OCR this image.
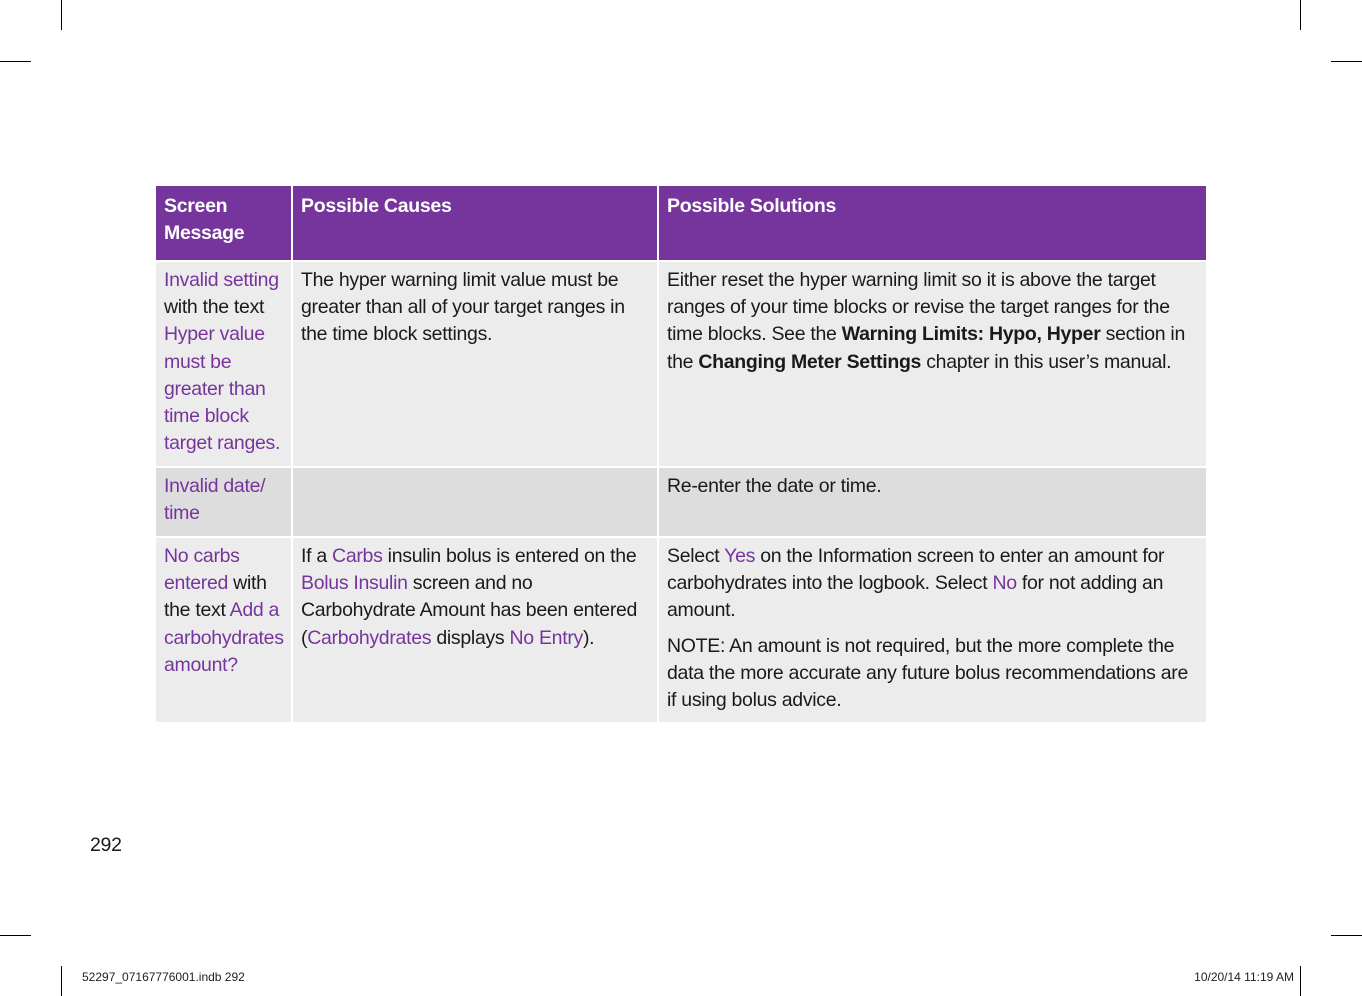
Screen Message	Possible Causes	Possible Solutions

Invalid setting with the text Hyper value must be greater than time block target ranges.	The hyper warning limit value must be greater than all of your target ranges in the time block settings.	Either reset the hyper warning limit so it is above the target ranges of your time blocks or revise the target ranges for the time blocks. See the Warning Limits: Hypo, Hyper section in the Changing Meter Settings chapter in this user’s manual.

Invalid date/ time		Re-enter the date or time.

No carbs entered with the text Add a carbohydrates amount?	If a Carbs insulin bolus is entered on the Bolus Insulin screen and no Carbohydrate Amount has been entered (Carbohydrates displays No Entry).	Select Yes on the Information screen to enter an amount for carbohydrates into the logbook. Select No for not adding an amount.
NOTE: An amount is not required, but the more complete the data the more accurate any future bolus recommendations are if using bolus advice.
292
52297_07167776001.indb 292	10/20/14 11:19 AM
